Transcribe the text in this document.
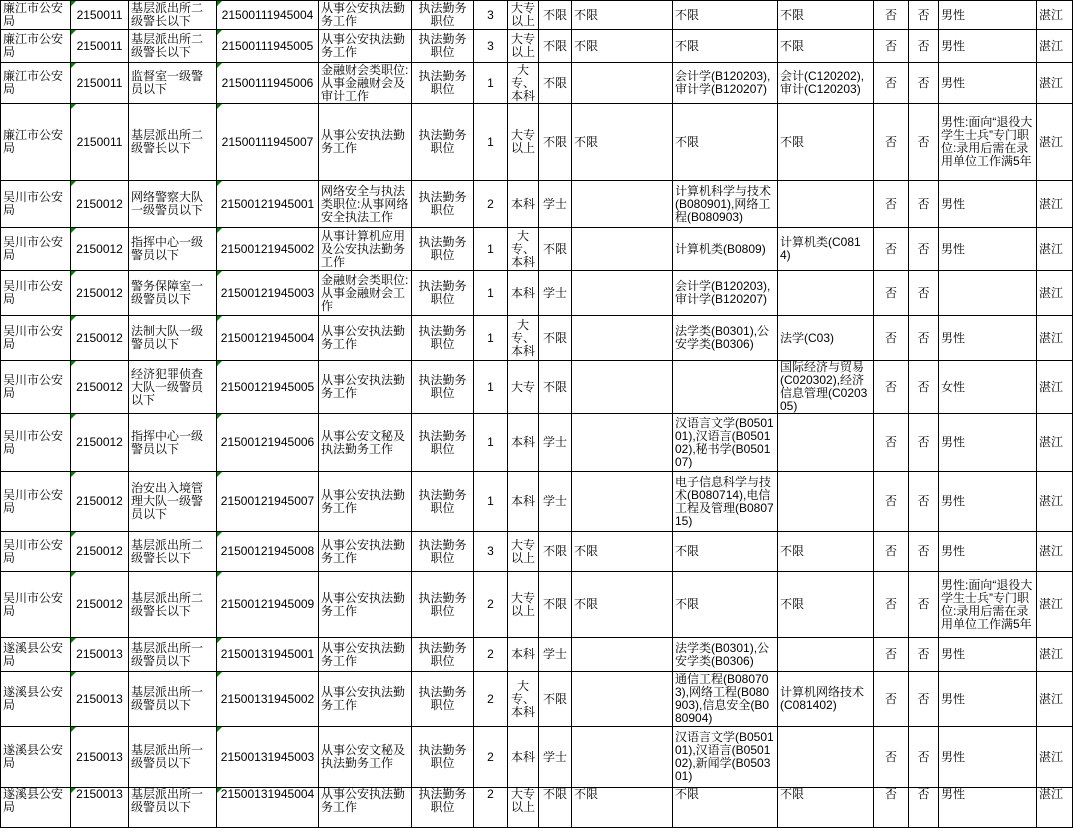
廉江市公安局	2150011	基层派出所二级警长以下	21500111945004	从事公安执法勤务工作	执法勤务职位	3	大专以上	不限	不限	不限	不限	否	否	男性	湛江
廉江市公安局	2150011	基层派出所二级警长以下	21500111945005	从事公安执法勤务工作	执法勤务职位	3	大专以上	不限	不限	不限	不限	否	否	男性	湛江
廉江市公安局	2150011	监督室一级警员以下	21500111945006	金融财会类职位:从事金融财会及审计工作	执法勤务职位	1	大专、本科	不限		会计学(B120203),审计学(B120207)	会计(C120202),审计(C120203)	否	否	男性	湛江
廉江市公安局	2150011	基层派出所二级警长以下	21500111945007	从事公安执法勤务工作	执法勤务职位	1	大专以上	不限	不限	不限	不限	否	否	男性:面向“退役大学生士兵”专门职位:录用后需在录用单位工作满5年	湛江
吴川市公安局	2150012	网络警察大队一级警员以下	21500121945001	网络安全与执法类职位:从事网络安全执法工作	执法勤务职位	2	本科	学士		计算机科学与技术(B080901),网络工程(B080903)		否	否	男性	湛江
吴川市公安局	2150012	指挥中心一级警员以下	21500121945002	从事计算机应用及公安执法勤务工作	执法勤务职位	1	大专、本科	不限		计算机类(B0809)	计算机类(C0814)	否	否	男性	湛江
吴川市公安局	2150012	警务保障室一级警员以下	21500121945003	金融财会类职位:从事金融财会工作	执法勤务职位	1	本科	学士		会计学(B120203),审计学(B120207)		否	否		湛江
吴川市公安局	2150012	法制大队一级警员以下	21500121945004	从事公安执法勤务工作	执法勤务职位	1	大专、本科	不限		法学类(B0301),公安学类(B0306)	法学(C03)	否	否	男性	湛江
吴川市公安局	2150012	经济犯罪侦查大队一级警员以下	21500121945005	从事公安执法勤务工作	执法勤务职位	1	大专	不限			国际经济与贸易(C020302),经济信息管理(C020305)	否	否	女性	湛江
吴川市公安局	2150012	指挥中心一级警员以下	21500121945006	从事公安文秘及执法勤务工作	执法勤务职位	1	本科	学士		汉语言文学(B050101),汉语言(B050102),秘书学(B050107)		否	否	男性	湛江
吴川市公安局	2150012	治安出入境管理大队一级警员以下	21500121945007	从事公安执法勤务工作	执法勤务职位	1	本科	学士		电子信息科学与技术(B080714),电信工程及管理(B080715)		否	否	男性	湛江
吴川市公安局	2150012	基层派出所二级警长以下	21500121945008	从事公安执法勤务工作	执法勤务职位	3	大专以上	不限	不限	不限	不限	否	否	男性	湛江
吴川市公安局	2150012	基层派出所二级警长以下	21500121945009	从事公安执法勤务工作	执法勤务职位	2	大专以上	不限	不限	不限	不限	否	否	男性:面向“退役大学生士兵”专门职位:录用后需在录用单位工作满5年	湛江
遂溪县公安局	2150013	基层派出所一级警员以下	21500131945001	从事公安执法勤务工作	执法勤务职位	2	本科	学士		法学类(B0301),公安学类(B0306)		否	否	男性	湛江
遂溪县公安局	2150013	基层派出所一级警员以下	21500131945002	从事公安执法勤务工作	执法勤务职位	2	大专、本科	不限		通信工程(B080703),网络工程(B080903),信息安全(B080904)	计算机网络技术(C081402)	否	否	男性	湛江
遂溪县公安局	2150013	基层派出所一级警员以下	21500131945003	从事公安文秘及执法勤务工作	执法勤务职位	2	本科	学士		汉语言文学(B050101),汉语言(B050102),新闻学(B050301)		否	否	男性	湛江
遂溪县公安局	2150013	基层派出所一级警员以下	21500131945004	从事公安执法勤务工作	执法勤务职位	2	大专以上	不限	不限	不限	不限	否	否	男性	湛江
